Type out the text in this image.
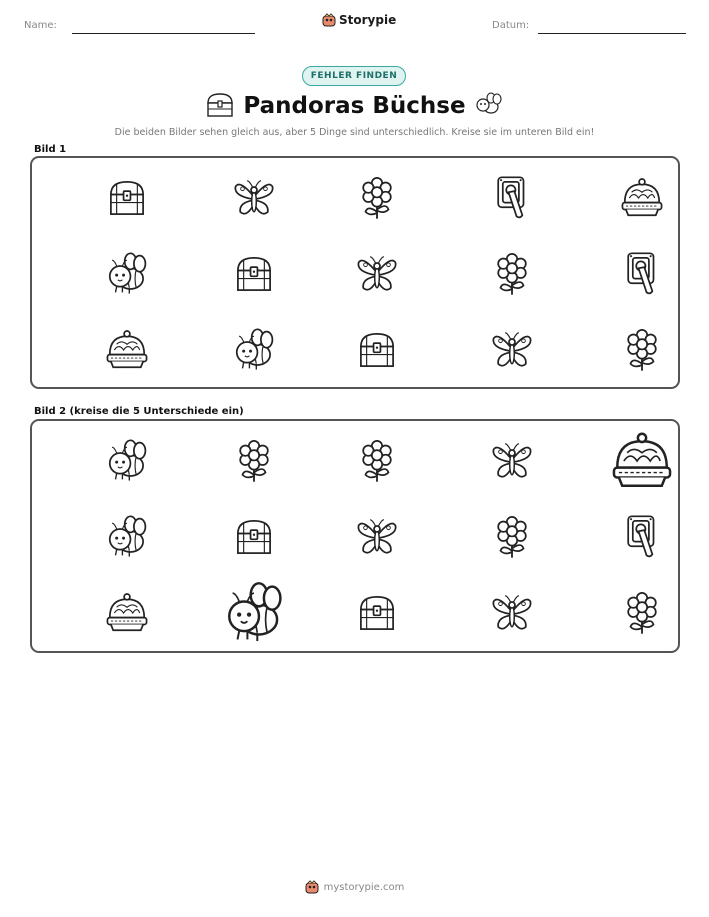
Name:	Storypie	Datum:
FEHLER FINDEN
Pandoras Büchse
Die beiden Bilder sehen gleich aus, aber 5 Dinge sind unterschiedlich. Kreise sie im unteren Bild ein!
Bild 1
Bild 2 (kreise die 5 Unterschiede ein)
mystorypie.com
